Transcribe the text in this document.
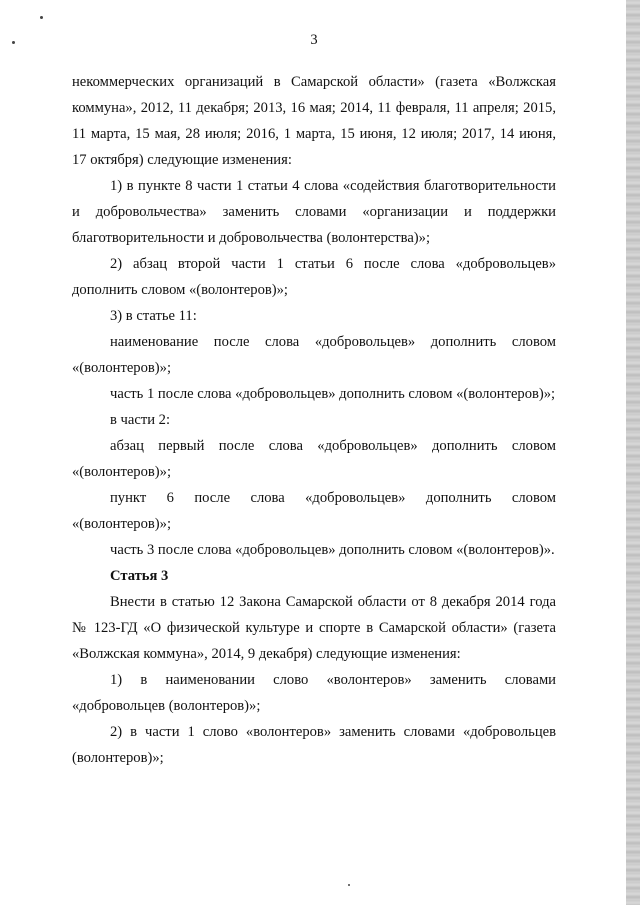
3

некоммерческих организаций в Самарской области» (газета «Волжская коммуна», 2012, 11 декабря; 2013, 16 мая; 2014, 11 февраля, 11 апреля; 2015, 11 марта, 15 мая, 28 июля; 2016, 1 марта, 15 июня, 12 июля; 2017, 14 июня, 17 октября) следующие изменения:

1) в пункте 8 части 1 статьи 4 слова «содействия благотворительности и добровольчества» заменить словами «организации и поддержки благотворительности и добровольчества (волонтерства)»;

2) абзац второй части 1 статьи 6 после слова «добровольцев» дополнить словом «(волонтеров)»;

3) в статье 11:

наименование после слова «добровольцев» дополнить словом «(волонтеров)»;

часть 1 после слова «добровольцев» дополнить словом «(волонтеров)»;

в части 2:

абзац первый после слова «добровольцев» дополнить словом «(волонтеров)»;

пункт 6 после слова «добровольцев» дополнить словом «(волонтеров)»;

часть 3 после слова «добровольцев» дополнить словом «(волонтеров)».

Статья 3

Внести в статью 12 Закона Самарской области от 8 декабря 2014 года № 123-ГД «О физической культуре и спорте в Самарской области» (газета «Волжская коммуна», 2014, 9 декабря) следующие изменения:

1) в наименовании слово «волонтеров» заменить словами «добровольцев (волонтеров)»;

2) в части 1 слово «волонтеров» заменить словами «добровольцев (волонтеров)»;
